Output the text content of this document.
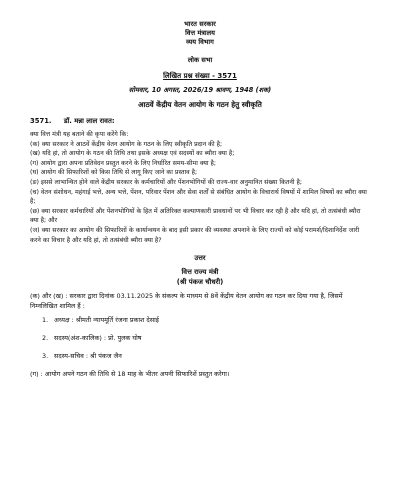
भारत सरकार
वित्त मंत्रालय
व्यय विभाग
लोक सभा
लिखित प्रश्न संख्या - 3571
सोमवार, 10 अगस्त, 2026/19 श्रावण, 1948 (शक)
आठवें केंद्रीय वेतन आयोग के गठन हेतु स्वीकृति
3571. डॉ. मन्ना लाल रावत:

क्या वित्त मंत्री यह बताने की कृपा करेंगे कि:

(क) क्या सरकार ने आठवें केंद्रीय वेतन आयोग के गठन के लिए स्वीकृति प्रदान की है;

(ख) यदि हां, तो आयोग के गठन की तिथि तथा इसके अध्यक्ष एवं सदस्यों का ब्यौरा क्या है;

(ग) आयोग द्वारा अपना प्रतिवेदन प्रस्तुत करने के लिए निर्धारित समय-सीमा क्या है;

(घ) आयोग की सिफारिशों को किस तिथि से लागू किए जाने का प्रस्ताव है;

(ङ) इससे लाभान्वित होने वाले केंद्रीय सरकार के कर्मचारियों और पेंशनभोगियों की राज्य-वार अनुमानित संख्या कितनी है;

(च) वेतन संशोधन, महंगाई भत्ते, अन्य भत्ते, पेंशन, परिवार पेंशन और सेवा शर्तों से संबंधित आयोग के विचारार्थ विषयों में शामिल विषयों का ब्यौरा क्या है;

(छ) क्या सरकार कर्मचारियों और पेंशनभोगियों के हित में अतिरिक्त कल्याणकारी प्रावधानों पर भी विचार कर रही है और यदि हां, तो तत्संबंधी ब्यौरा क्या है; और

(ज) क्या सरकार का आयोग की सिफारिशों के कार्यान्वयन के बाद इसी प्रकार की व्यवस्था अपनाने के लिए राज्यों को कोई परामर्श/दिशानिर्देश जारी करने का विचार है और यदि हां, तो तत्संबंधी ब्यौरा क्या है?

उत्तर
वित्त राज्य मंत्री
(श्री पंकज चौधरी)

(क) और (ख) : सरकार द्वारा दिनांक 03.11.2025 के संकल्प के माध्यम से 8वें केंद्रीय वेतन आयोग का गठन कर दिया गया है, जिसमें निम्नलिखित शामिल हैं :

1. अध्यक्ष : श्रीमती न्यायमूर्ति रंजना प्रकाश देसाई
2. सदस्य(अंश-कालिक) : प्रो. पुलक घोष
3. सदस्य-सचिव : श्री पंकज जैन

(ग) : आयोग अपने गठन की तिथि से 18 माह के भीतर अपनी सिफारिशें प्रस्तुत करेगा।
